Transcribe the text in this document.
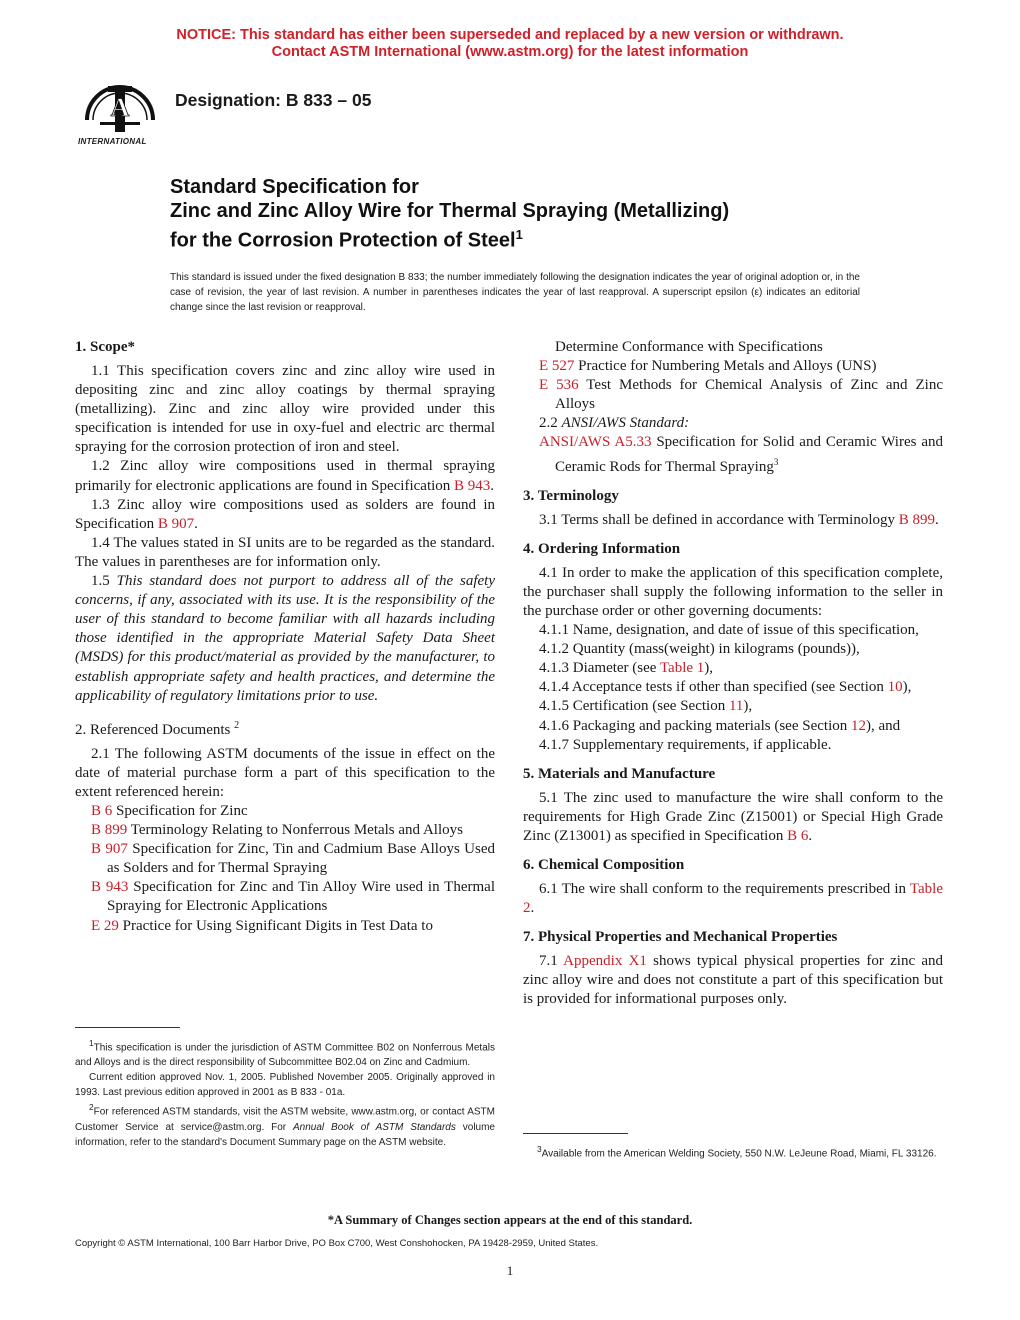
NOTICE: This standard has either been superseded and replaced by a new version or withdrawn.
Contact ASTM International (www.astm.org) for the latest information
A
INTERNATIONAL
Designation: B 833 – 05
Standard Specification for
Zinc and Zinc Alloy Wire for Thermal Spraying (Metallizing)
for the Corrosion Protection of Steel$^1$
This standard is issued under the fixed designation B 833; the number immediately following the designation indicates the year of original adoption or, in the case of revision, the year of last revision. A number in parentheses indicates the year of last reapproval. A superscript epsilon (ε) indicates an editorial change since the last revision or reapproval.
1. Scope*

1.1 This specification covers zinc and zinc alloy wire used in depositing zinc and zinc alloy coatings by thermal spraying (metallizing). Zinc and zinc alloy wire provided under this specification is intended for use in oxy-fuel and electric arc thermal spraying for the corrosion protection of iron and steel.

1.2 Zinc alloy wire compositions used in thermal spraying primarily for electronic applications are found in Specification B 943.

1.3 Zinc alloy wire compositions used as solders are found in Specification B 907.

1.4 The values stated in SI units are to be regarded as the standard. The values in parentheses are for information only.

1.5 This standard does not purport to address all of the safety concerns, if any, associated with its use. It is the responsibility of the user of this standard to become familiar with all hazards including those identified in the appropriate Material Safety Data Sheet (MSDS) for this product/material as provided by the manufacturer, to establish appropriate safety and health practices, and determine the applicability of regulatory limitations prior to use.

2. Referenced Documents $^2$

2.1 The following ASTM documents of the issue in effect on the date of material purchase form a part of this specification to the extent referenced herein:

B 6 Specification for Zinc

B 899 Terminology Relating to Nonferrous Metals and Alloys

B 907 Specification for Zinc, Tin and Cadmium Base Alloys Used as Solders and for Thermal Spraying

B 943 Specification for Zinc and Tin Alloy Wire used in Thermal Spraying for Electronic Applications

E 29 Practice for Using Significant Digits in Test Data to

$^1$This specification is under the jurisdiction of ASTM Committee B02 on Nonferrous Metals and Alloys and is the direct responsibility of Subcommittee B02.04 on Zinc and Cadmium.

Current edition approved Nov. 1, 2005. Published November 2005. Originally approved in 1993. Last previous edition approved in 2001 as B 833 - 01a.

$^2$For referenced ASTM standards, visit the ASTM website, www.astm.org, or contact ASTM Customer Service at service@astm.org. For Annual Book of ASTM Standards volume information, refer to the standard's Document Summary page on the ASTM website.

Determine Conformance with Specifications

E 527 Practice for Numbering Metals and Alloys (UNS)

E 536 Test Methods for Chemical Analysis of Zinc and Zinc Alloys

2.2 ANSI/AWS Standard:

ANSI/AWS A5.33 Specification for Solid and Ceramic Wires and Ceramic Rods for Thermal Spraying$^3$

3. Terminology

3.1 Terms shall be defined in accordance with Terminology B 899.

4. Ordering Information

4.1 In order to make the application of this specification complete, the purchaser shall supply the following information to the seller in the purchase order or other governing documents:

4.1.1 Name, designation, and date of issue of this specification,

4.1.2 Quantity (mass(weight) in kilograms (pounds)),

4.1.3 Diameter (see Table 1),

4.1.4 Acceptance tests if other than specified (see Section 10),

4.1.5 Certification (see Section 11),

4.1.6 Packaging and packing materials (see Section 12), and

4.1.7 Supplementary requirements, if applicable.

5. Materials and Manufacture

5.1 The zinc used to manufacture the wire shall conform to the requirements for High Grade Zinc (Z15001) or Special High Grade Zinc (Z13001) as specified in Specification B 6.

6. Chemical Composition

6.1 The wire shall conform to the requirements prescribed in Table 2.

7. Physical Properties and Mechanical Properties

7.1 Appendix X1 shows typical physical properties for zinc and zinc alloy wire and does not constitute a part of this specification but is provided for informational purposes only.

$^3$Available from the American Welding Society, 550 N.W. LeJeune Road, Miami, FL 33126.

*A Summary of Changes section appears at the end of this standard.
Copyright © ASTM International, 100 Barr Harbor Drive, PO Box C700, West Conshohocken, PA 19428-2959, United States.
1
